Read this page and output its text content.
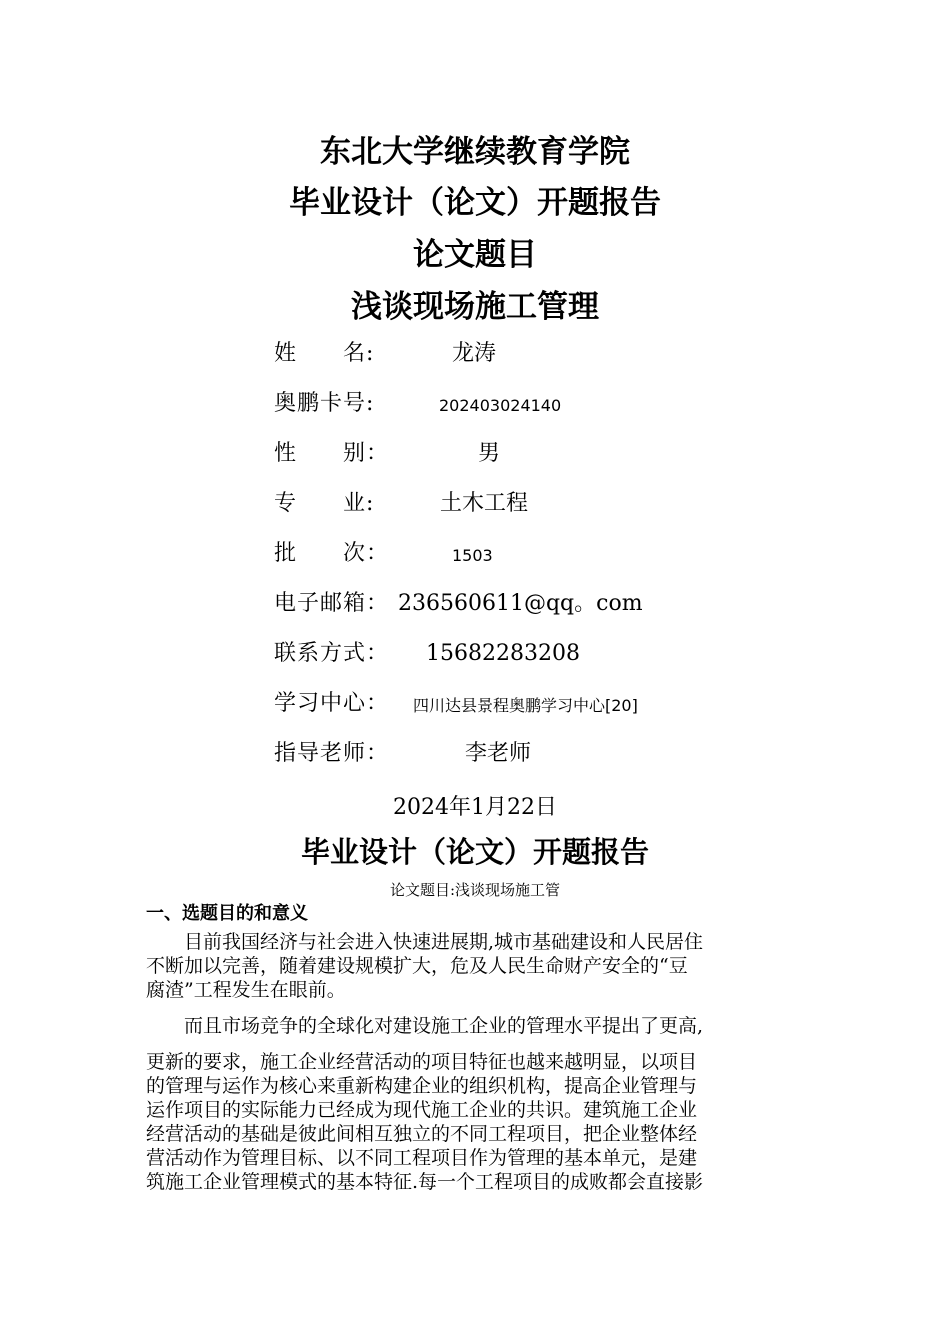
东北大学继续教育学院
毕业设计（论文）开题报告
论文题目
浅谈现场施工管理
姓　　名:	龙涛
奥鹏卡号:	202403024140
性　　别：	男
专　　业:	土木工程
批　　次：	1503
电子邮箱： 236560611@qq。com
联系方式： 15682283208
学习中心： 四川达县景程奥鹏学习中心[20]
指导老师：	李老师
2024年1月22日
毕业设计（论文）开题报告
论文题目:浅谈现场施工管
一、选题目的和意义
　　目前我国经济与社会进入快速进展期,城市基础建设和人民居住
不断加以完善，随着建设规模扩大，危及人民生命财产安全的“豆
腐渣”工程发生在眼前。
　　而且市场竞争的全球化对建设施工企业的管理水平提出了更高,
更新的要求，施工企业经营活动的项目特征也越来越明显，以项目
的管理与运作为核心来重新构建企业的组织机构，提高企业管理与
运作项目的实际能力已经成为现代施工企业的共识。建筑施工企业
经营活动的基础是彼此间相互独立的不同工程项目，把企业整体经
营活动作为管理目标、以不同工程项目作为管理的基本单元，是建
筑施工企业管理模式的基本特征.每一个工程项目的成败都会直接影
